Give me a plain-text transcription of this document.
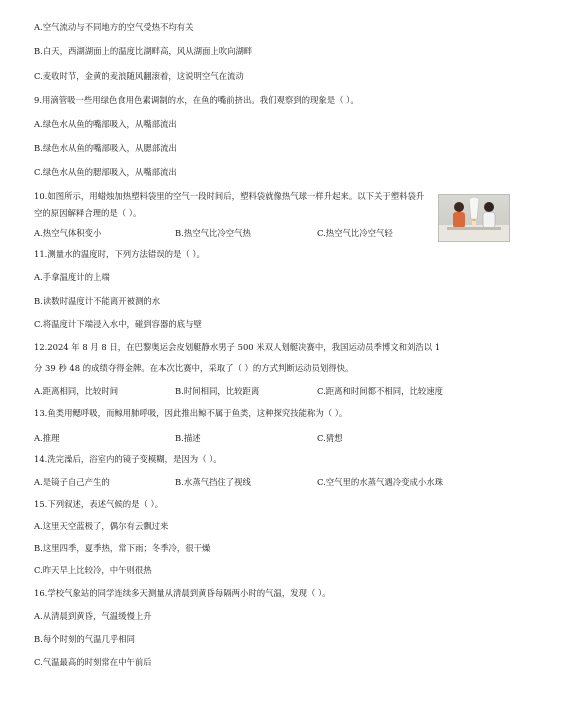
A.空气流动与不同地方的空气受热不均有关
B.白天，西湖湖面上的温度比湖畔高，风从湖面上吹向湖畔
C.麦收时节，金黄的麦浪随风翻滚着，这说明空气在流动
9.用滴管吸一些用绿色食用色素调制的水，在鱼的嘴前挤出。我们观察到的现象是（ ）。
A.绿色水从鱼的嘴部吸入，从嘴部流出
B.绿色水从鱼的嘴部吸入，从腮部流出
C.绿色水从鱼的腮部吸入，从嘴部流出
10.如图所示，用蜡烛加热塑料袋里的空气一段时间后，塑料袋就像热气球一样升起来。以下关于塑料袋升
空的原因解释合理的是（ ）。
A.热空气体积变小	B.热空气比冷空气热	C.热空气比冷空气轻
11.测量水的温度时，下列方法错误的是（ ）。
A.手拿温度计的上端
B.读数时温度计不能离开被测的水
C.将温度计下端浸入水中，碰到容器的底与壁
12.2024 年 8 月 8 日，在巴黎奥运会皮划艇静水男子 500 米双人划艇决赛中，我国运动员季博文和刘浩以 1
分 39 秒 48 的成绩夺得金牌。在本次比赛中，采取了（ ）的方式判断运动员划得快。
A.距离相同，比较时间	B.时间相同，比较距离	C.距离和时间都不相同，比较速度
13.鱼类用鳃呼吸，而鲸用肺呼吸，因此推出鲸不属于鱼类，这种探究技能称为（ ）。
A.推理	B.描述	C.猜想
14.洗完澡后，浴室内的镜子变模糊，是因为（ ）。
A.是镜子自己产生的	B.水蒸气挡住了视线	C.空气里的水蒸气遇冷变成小水珠
15.下列叙述，表述气候的是（ ）。
A.这里天空蓝极了，偶尔有云飘过来
B.这里四季，夏季热，常下雨；冬季冷，很干燥
C.昨天早上比较冷，中午则很热
16.学校气象站的同学连续多天测量从清晨到黄昏每隔两小时的气温，发现（ ）。
A.从清晨到黄昏，气温缓慢上升
B.每个时刻的气温几乎相同
C.气温最高的时刻常在中午前后
